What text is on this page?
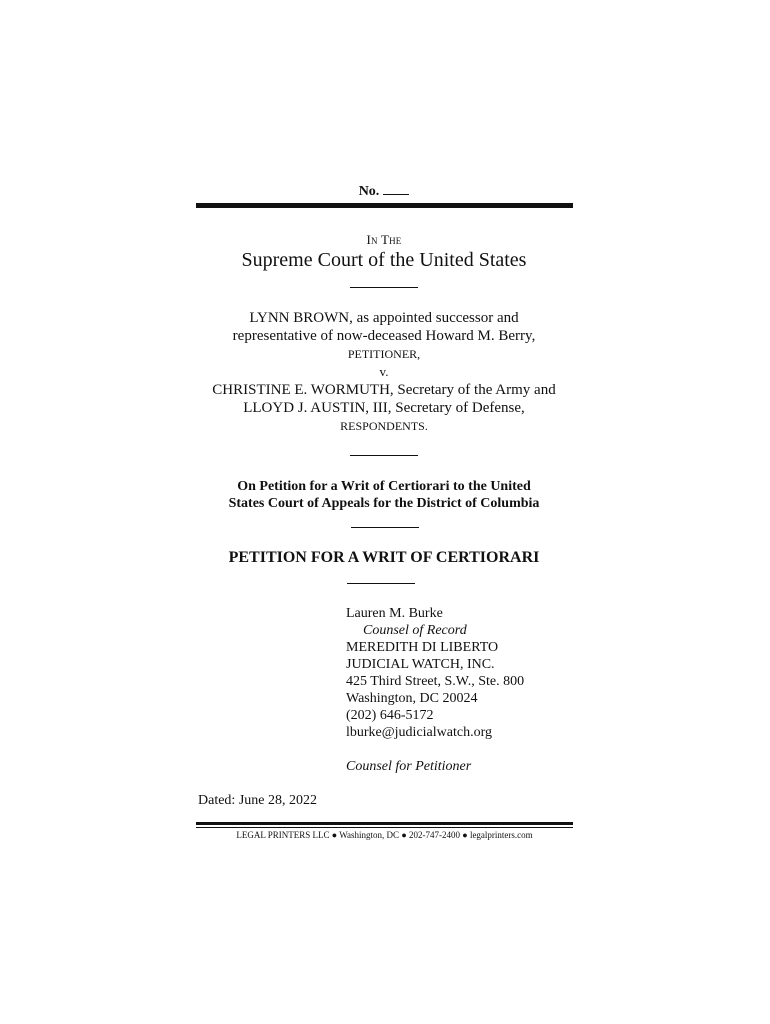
No.
In The
Supreme Court of the United States
LYNN BROWN, as appointed successor and
representative of now-deceased Howard M. Berry,
PETITIONER,
v.
CHRISTINE E. WORMUTH, Secretary of the Army and
LLOYD J. AUSTIN, III, Secretary of Defense,
RESPONDENTS.
On Petition for a Writ of Certiorari to the United
States Court of Appeals for the District of Columbia
PETITION FOR A WRIT OF CERTIORARI
Lauren M. Burke
Counsel of Record
MEREDITH DI LIBERTO
JUDICIAL WATCH, INC.
425 Third Street, S.W., Ste. 800
Washington, DC 20024
(202) 646-5172
lburke@judicialwatch.org
Counsel for Petitioner
Dated: June 28, 2022
LEGAL PRINTERS LLC ● Washington, DC ● 202-747-2400 ● legalprinters.com
